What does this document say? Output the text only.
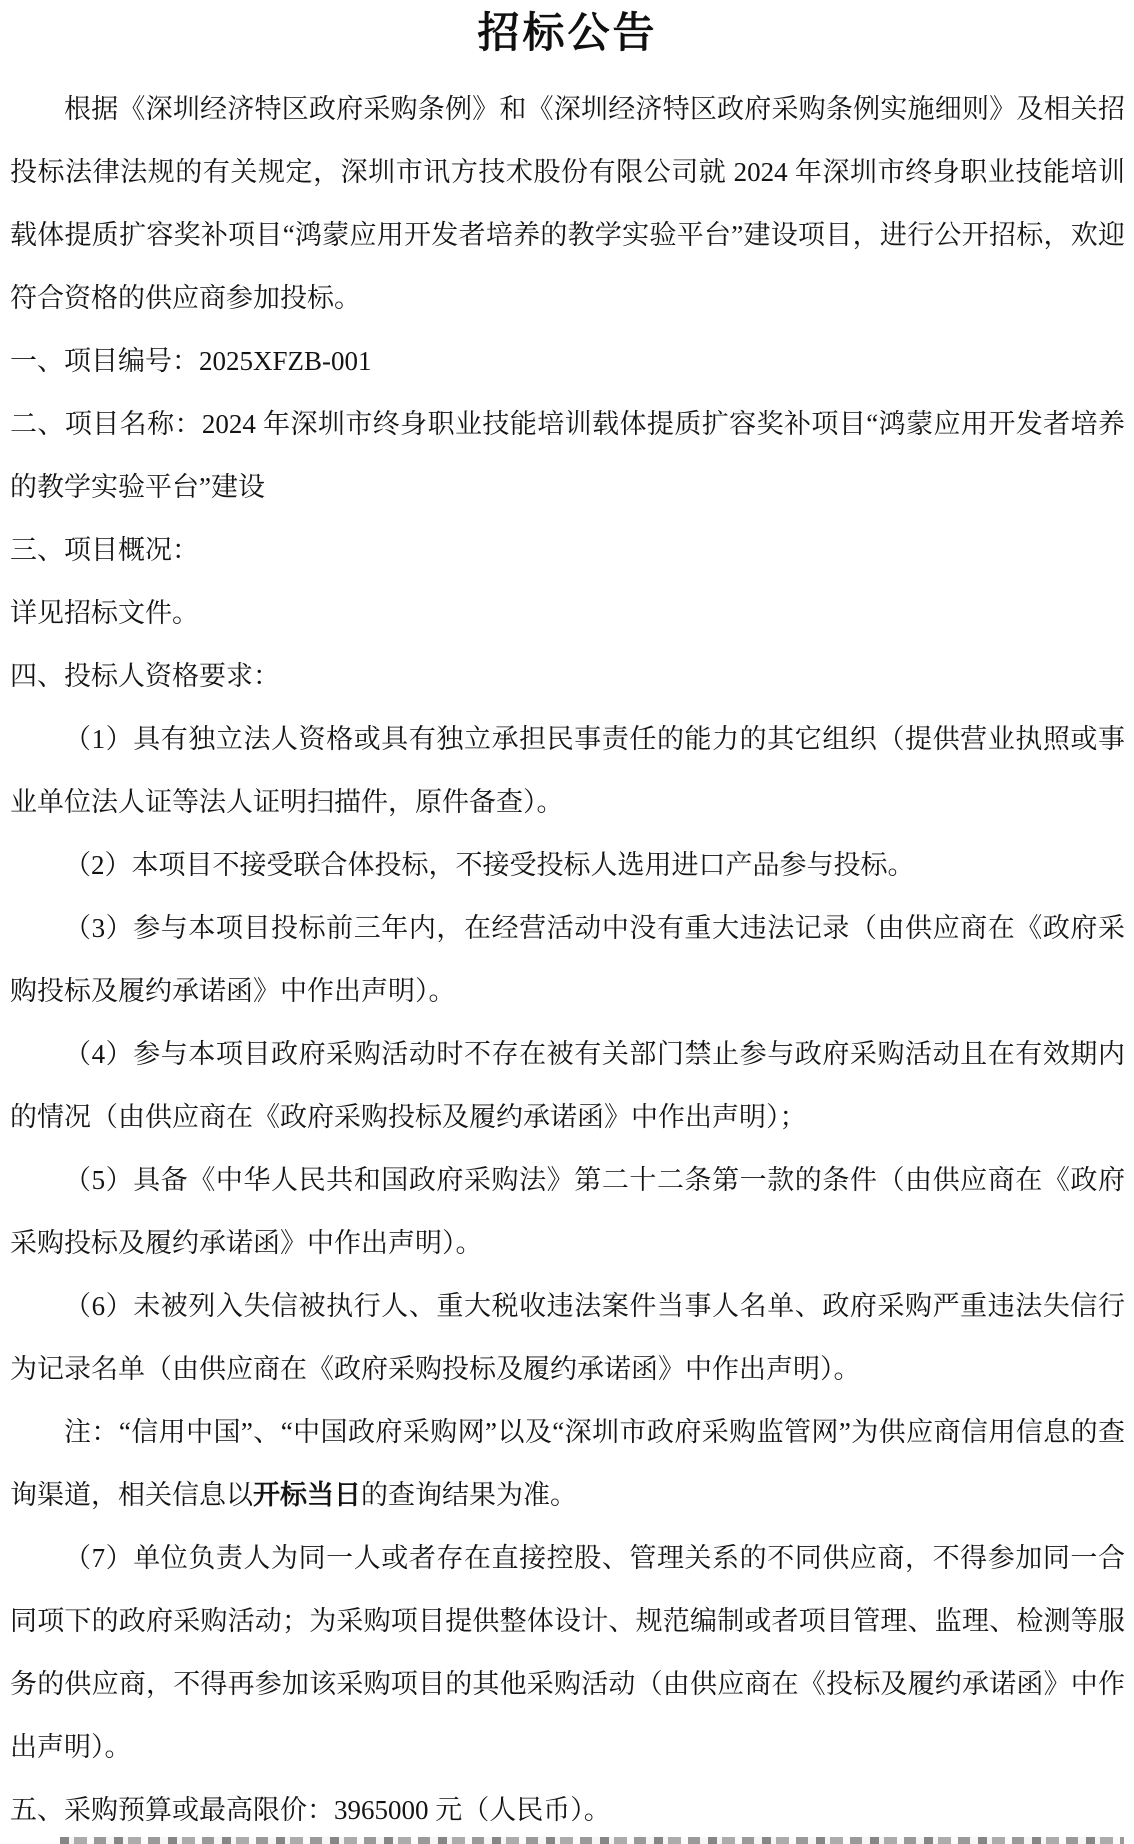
招标公告

根据《深圳经济特区政府采购条例》和《深圳经济特区政府采购条例实施细则》及相关招投标法律法规的有关规定，深圳市讯方技术股份有限公司就 2024 年深圳市终身职业技能培训载体提质扩容奖补项目“鸿蒙应用开发者培养的教学实验平台”建设项目，进行公开招标，欢迎符合资格的供应商参加投标。

一、项目编号：2025XFZB-001

二、项目名称：2024 年深圳市终身职业技能培训载体提质扩容奖补项目“鸿蒙应用开发者培养的教学实验平台”建设

三、项目概况：

详见招标文件。

四、投标人资格要求：

（1）具有独立法人资格或具有独立承担民事责任的能力的其它组织（提供营业执照或事业单位法人证等法人证明扫描件，原件备查）。

（2）本项目不接受联合体投标，不接受投标人选用进口产品参与投标。

（3）参与本项目投标前三年内，在经营活动中没有重大违法记录（由供应商在《政府采购投标及履约承诺函》中作出声明）。

（4）参与本项目政府采购活动时不存在被有关部门禁止参与政府采购活动且在有效期内的情况（由供应商在《政府采购投标及履约承诺函》中作出声明）；

（5）具备《中华人民共和国政府采购法》第二十二条第一款的条件（由供应商在《政府采购投标及履约承诺函》中作出声明）。

（6）未被列入失信被执行人、重大税收违法案件当事人名单、政府采购严重违法失信行为记录名单（由供应商在《政府采购投标及履约承诺函》中作出声明）。

注：“信用中国”、“中国政府采购网”以及“深圳市政府采购监管网”为供应商信用信息的查询渠道，相关信息以开标当日的查询结果为准。

（7）单位负责人为同一人或者存在直接控股、管理关系的不同供应商，不得参加同一合同项下的政府采购活动；为采购项目提供整体设计、规范编制或者项目管理、监理、检测等服务的供应商，不得再参加该采购项目的其他采购活动（由供应商在《投标及履约承诺函》中作出声明）。

五、采购预算或最高限价：3965000 元（人民币）。
